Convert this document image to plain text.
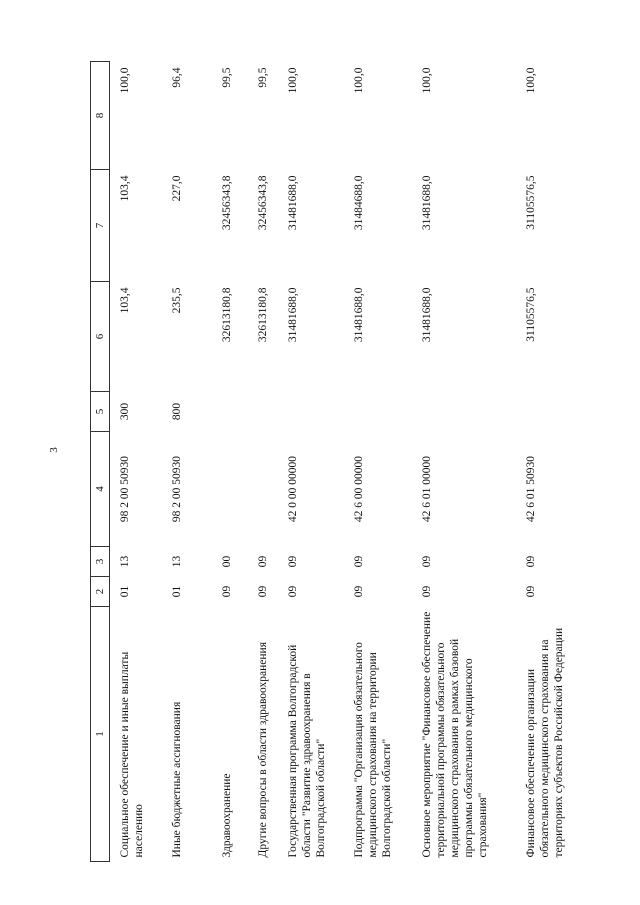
3
1	2	3	4	5	6	7	8
Социальное обеспечение и иные выплаты населению	01	13	98 2 00 50930	300	103,4	103,4	100,0
Иные бюджетные ассигнования	01	13	98 2 00 50930	800	235,5	227,0	96,4
Здравоохранение	09	00			32613180,8	32456343,8	99,5
Другие вопросы в области здравоохранения	09	09			32613180,8	32456343,8	99,5
Государственная программа Волгоградской области "Развитие здравоохранения в Волгоградской области"	09	09	42 0 00 00000		31481688,0	31481688,0	100,0
Подпрограмма "Организация обязательного медицинского страхования на территории Волгоградской области"	09	09	42 6 00 00000		31481688,0	31484688,0	100,0
Основное мероприятие "Финансовое обеспечение территориальной программы обязательного медицинского страхования в рамках базовой программы обязательного медицинского страхования"	09	09	42 6 01 00000		31481688,0	31481688,0	100,0
Финансовое обеспечение организации обязательного медицинского страхования на территориях субъектов Российской Федерации	09	09	42 6 01 50930		31105576,5	31105576,5	100,0
